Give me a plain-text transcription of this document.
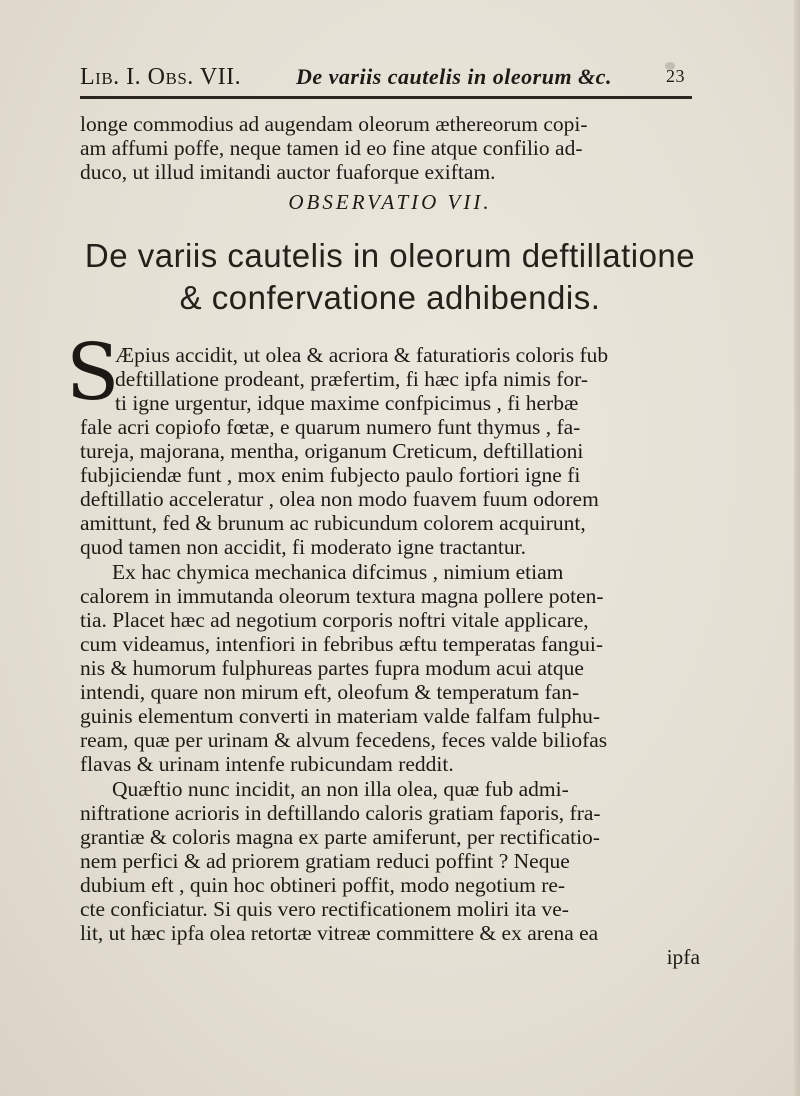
Lib. I. Obs. VII. De variis cautelis in oleorum &c.	23
longe commodius ad augendam oleorum æthereorum copi-
am affumi poffe, neque tamen id eo fine atque confilio ad-
duco, ut illud imitandi auctor fuaforque exiftam.
OBSERVATIO VII.
De variis cautelis in oleorum deftillatione
& confervatione adhibendis.
S
Æpius accidit, ut olea & acriora & faturatioris coloris fub
deftillatione prodeant, præfertim, fi hæc ipfa nimis for-
ti igne urgentur, idque maxime confpicimus , fi herbæ
fale acri copiofo fœtæ, e quarum numero funt thymus , fa-
tureja, majorana, mentha, origanum Creticum, deftillationi
fubjiciendæ funt , mox enim fubjecto paulo fortiori igne fi
deftillatio acceleratur , olea non modo fuavem fuum odorem
amittunt, fed & brunum ac rubicundum colorem acquirunt,
quod tamen non accidit, fi moderato igne tractantur.
Ex hac chymica mechanica difcimus , nimium etiam
calorem in immutanda oleorum textura magna pollere poten-
tia. Placet hæc ad negotium corporis noftri vitale applicare,
cum videamus, intenfiori in febribus æftu temperatas fangui-
nis & humorum fulphureas partes fupra modum acui atque
intendi, quare non mirum eft, oleofum & temperatum fan-
guinis elementum converti in materiam valde falfam fulphu-
ream, quæ per urinam & alvum fecedens, feces valde biliofas
flavas & urinam intenfe rubicundam reddit.
Quæftio nunc incidit, an non illa olea, quæ fub admi-
niftratione acrioris in deftillando caloris gratiam faporis, fra-
grantiæ & coloris magna ex parte amiferunt, per rectificatio-
nem perfici & ad priorem gratiam reduci poffint ? Neque
dubium eft , quin hoc obtineri poffit, modo negotium re-
cte conficiatur. Si quis vero rectificationem moliri ita ve-
lit, ut hæc ipfa olea retortæ vitreæ committere & ex arena ea
ipfa
